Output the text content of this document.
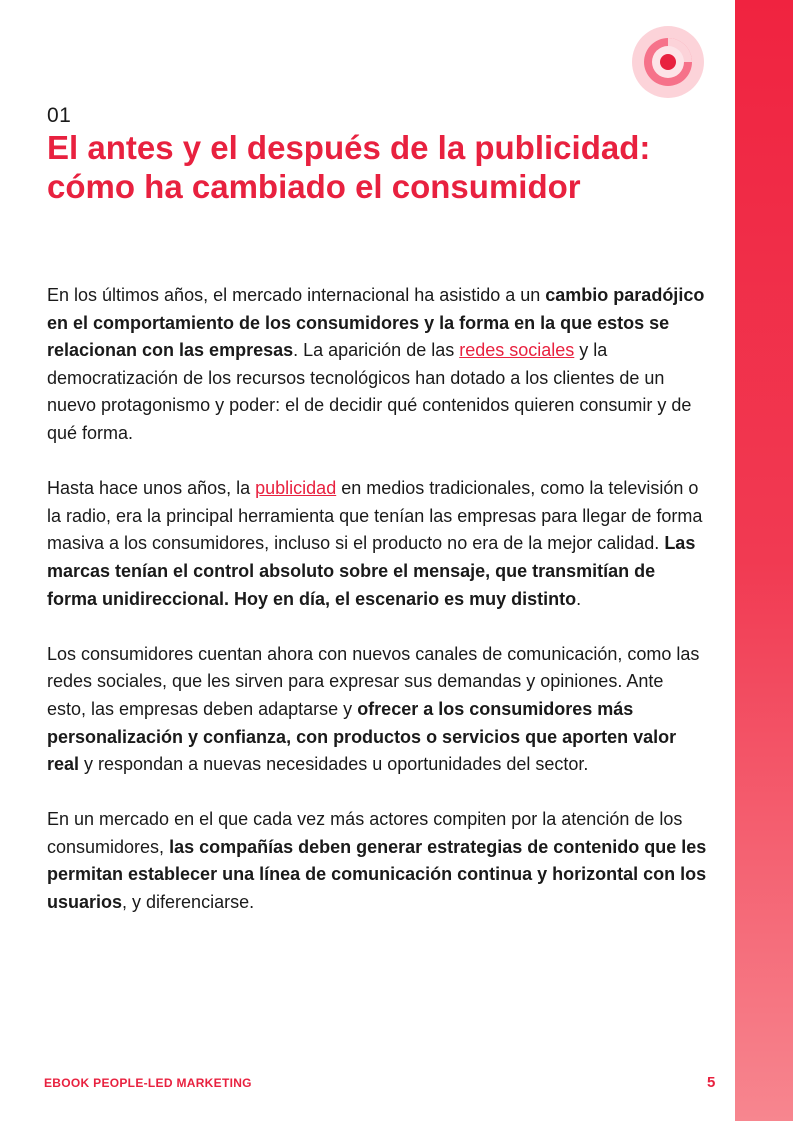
01
El antes y el después de la publicidad: cómo ha cambiado el consumidor

En los últimos años, el mercado internacional ha asistido a un cambio paradójico en el comportamiento de los consumidores y la forma en la que estos se relacionan con las empresas. La aparición de las redes sociales y la democratización de los recursos tecnológicos han dotado a los clientes de un nuevo protagonismo y poder: el de decidir qué contenidos quieren consumir y de qué forma.

Hasta hace unos años, la publicidad en medios tradicionales, como la televisión o la radio, era la principal herramienta que tenían las empresas para llegar de forma masiva a los consumidores, incluso si el producto no era de la mejor calidad. Las marcas tenían el control absoluto sobre el mensaje, que transmitían de forma unidireccional. Hoy en día, el escenario es muy distinto.

Los consumidores cuentan ahora con nuevos canales de comunicación, como las redes sociales, que les sirven para expresar sus demandas y opiniones. Ante esto, las empresas deben adaptarse y ofrecer a los consumidores más personalización y confianza, con productos o servicios que aporten valor real y respondan a nuevas necesidades u oportunidades del sector.

En un mercado en el que cada vez más actores compiten por la atención de los consumidores, las compañías deben generar estrategias de contenido que les permitan establecer una línea de comunicación continua y horizontal con los usuarios, y diferenciarse.

EBOOK PEOPLE-LED MARKETING	5
